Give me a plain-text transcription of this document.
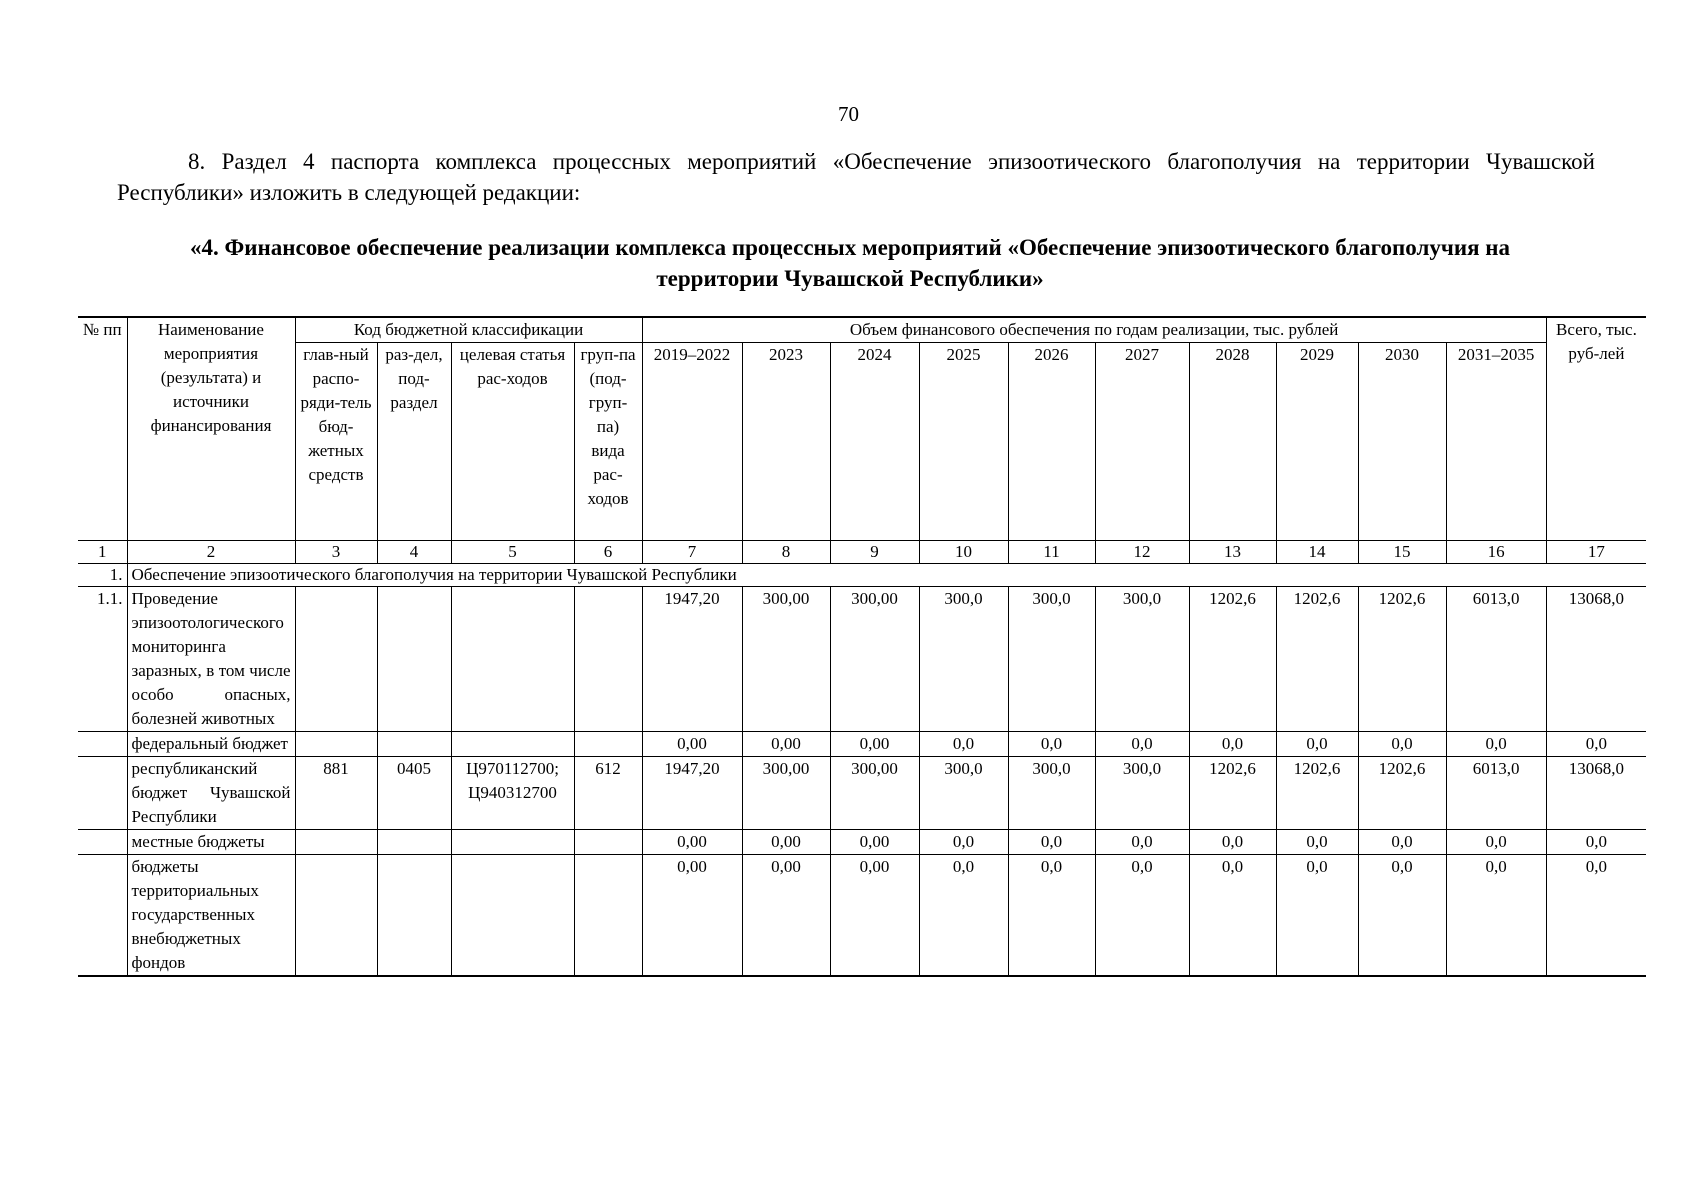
70

8. Раздел 4 паспорта комплекса процессных мероприятий «Обеспечение эпизоотического благополучия на территории Чувашской Республики» изложить в следующей редакции:

«4. Финансовое обеспечение реализации комплекса процессных мероприятий «Обеспечение эпизоотического благополучия на территории Чувашской Республики»

№ пп	Наименование мероприятия (результата) и источники финансирования	Код бюджетной классификации				Объем финансового обеспечения по годам реализации, тыс. рублей										Всего, тыс. руб-лей
		глав-ный распо-ряди-тель бюд-жетных средств	раз-дел, под-раздел	целевая статья рас-ходов	груп-па (под-груп-па) вида рас-ходов	2019–2022	2023	2024	2025	2026	2027	2028	2029	2030	2031–2035	
1	2	3	4	5	6	7	8	9	10	11	12	13	14	15	16	17
1.	Обеспечение эпизоотического благополучия на территории Чувашской Республики															
1.1.	Проведение эпизоотологического мониторинга заразных, в том числе особо опасных, болезней животных					1947,20	300,00	300,00	300,0	300,0	300,0	1202,6	1202,6	1202,6	6013,0	13068,0
	федеральный бюджет					0,00	0,00	0,00	0,0	0,0	0,0	0,0	0,0	0,0	0,0	0,0
	республиканский бюджет Чувашской Республики	881	0405	Ц970112700; Ц940312700	612	1947,20	300,00	300,00	300,0	300,0	300,0	1202,6	1202,6	1202,6	6013,0	13068,0
	местные бюджеты					0,00	0,00	0,00	0,0	0,0	0,0	0,0	0,0	0,0	0,0	0,0
	бюджеты территориальных государственных внебюджетных фондов					0,00	0,00	0,00	0,0	0,0	0,0	0,0	0,0	0,0	0,0	0,0
